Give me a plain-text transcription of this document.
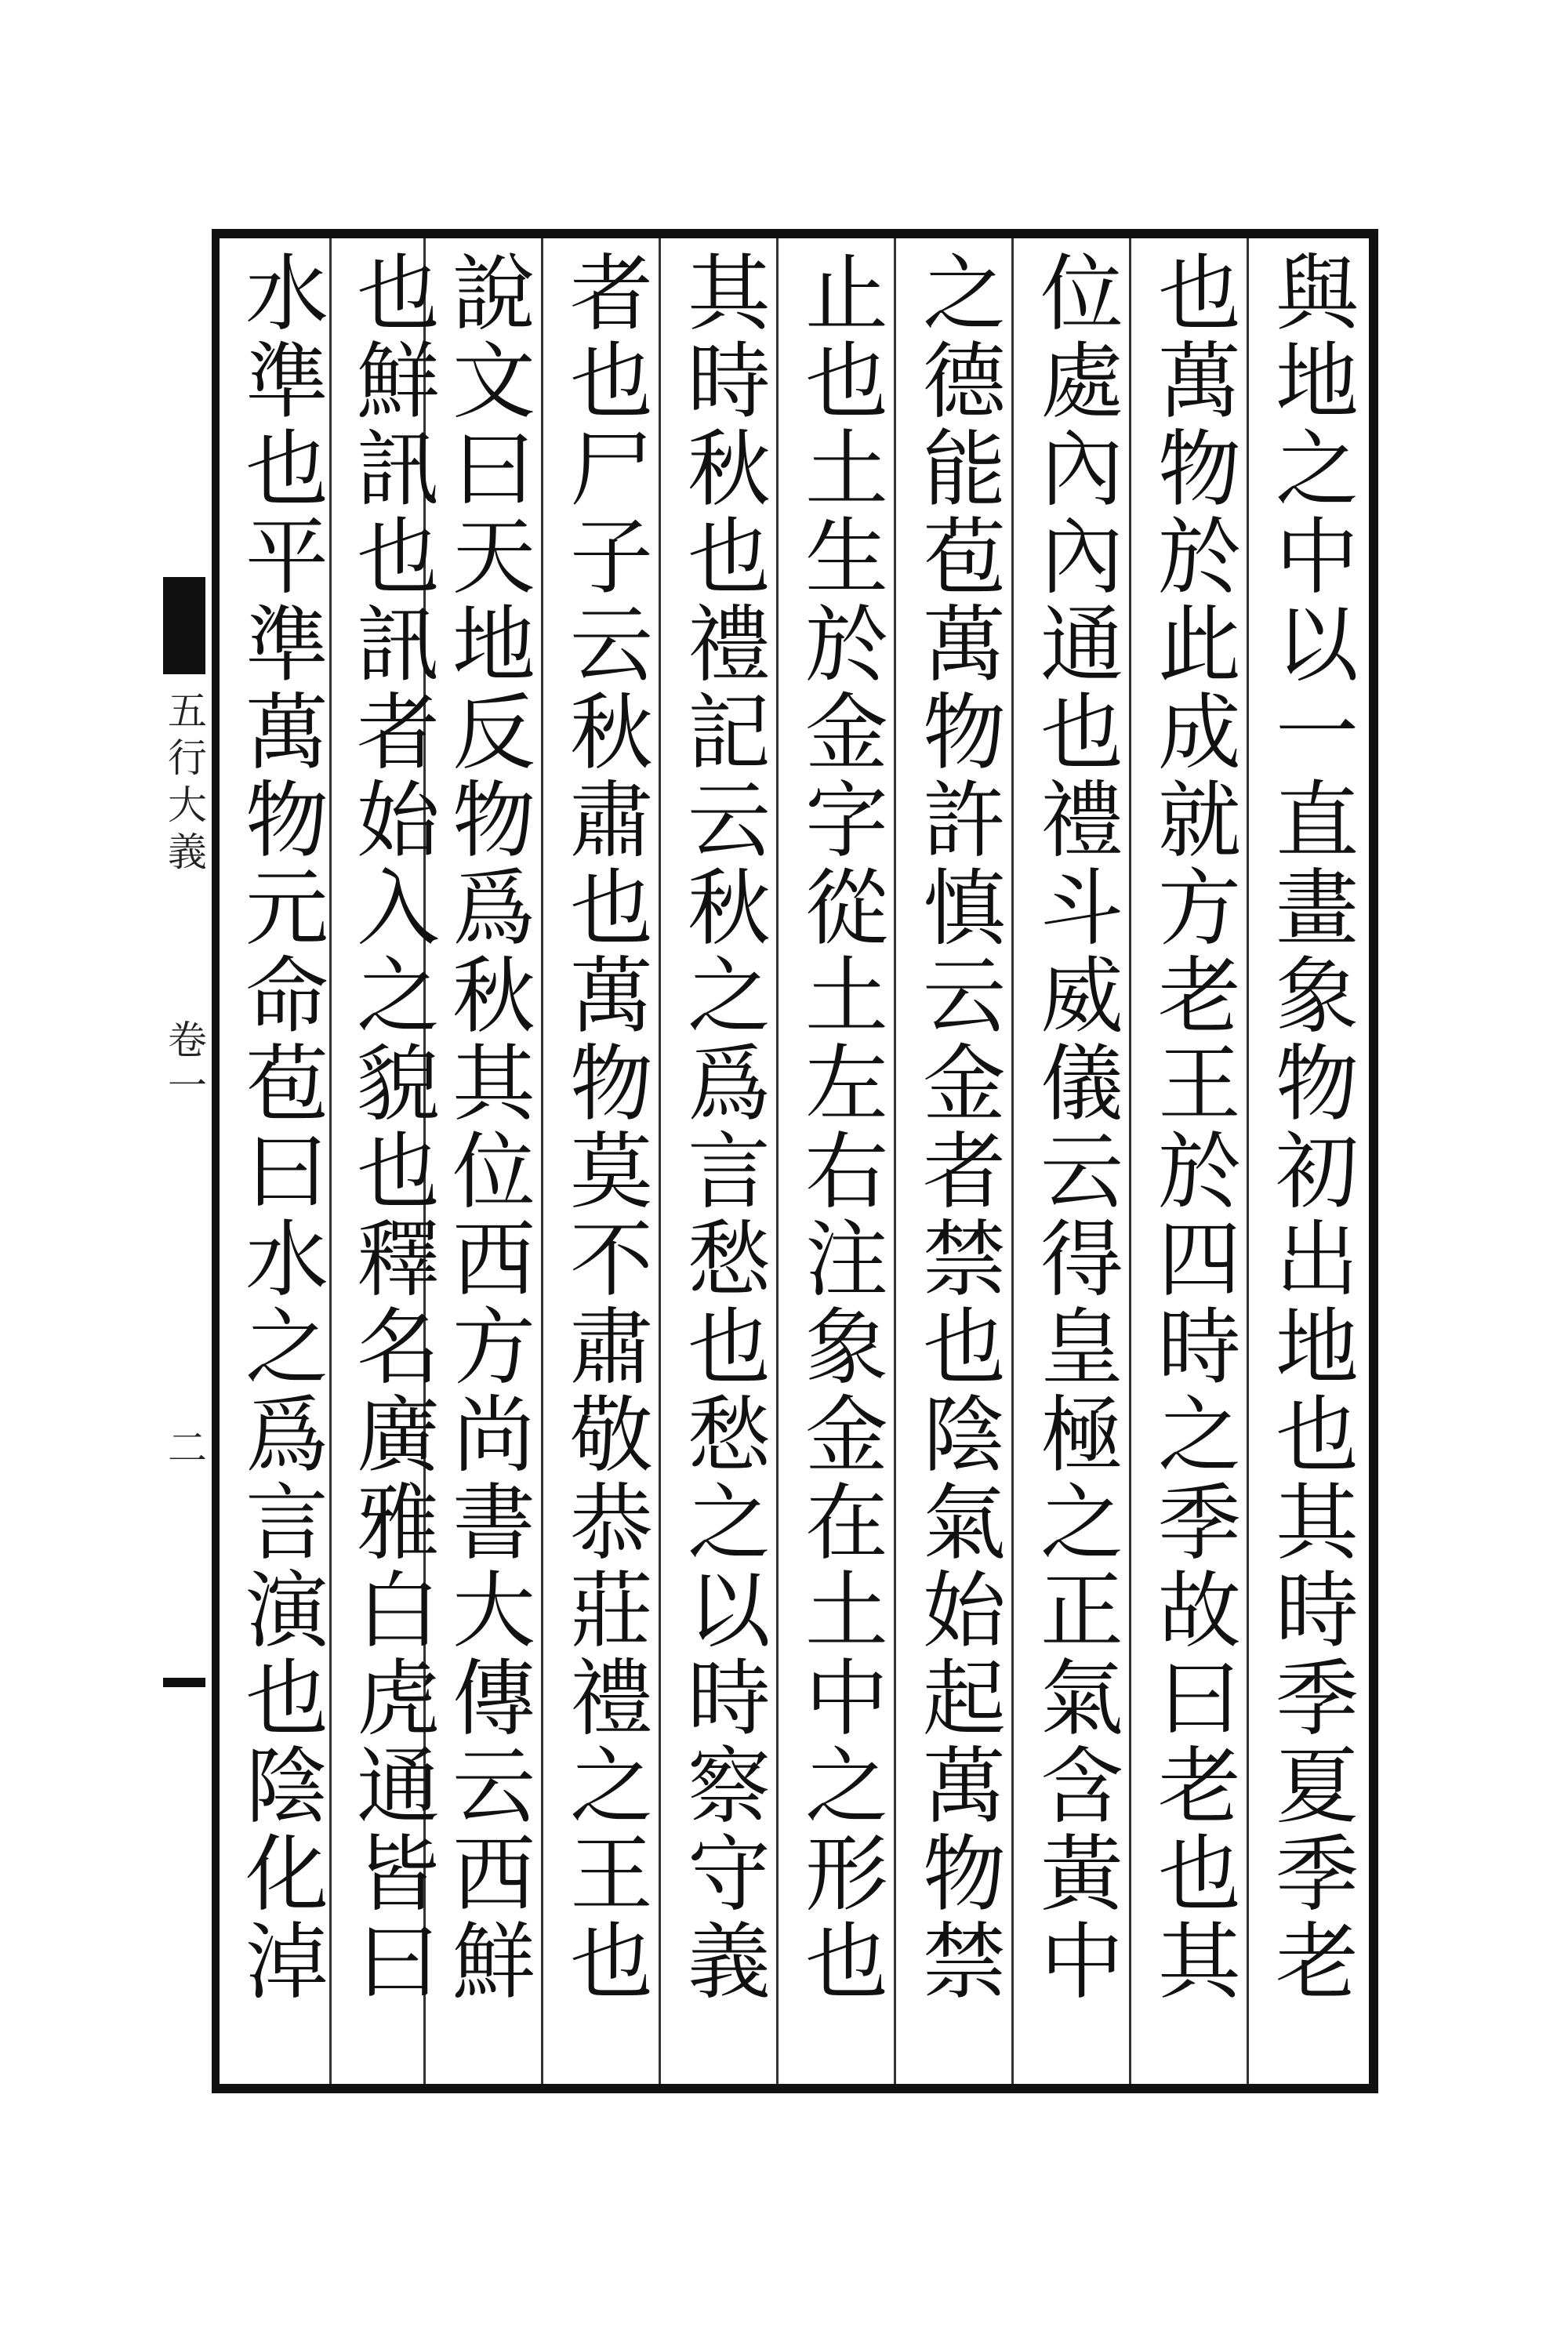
與地之中以一直畫象物初出地也其時季夏季老
也萬物於此成就方老王於四時之季故曰老也其
位處內內通也禮斗威儀云得皇極之正氣含黃中
之德能苞萬物許慎云金者禁也陰氣始起萬物禁
止也土生於金字從土左右注象金在土中之形也
其時秋也禮記云秋之爲言愁也愁之以時察守義
者也尸子云秋肅也萬物莫不肅敬恭莊禮之王也
說文曰天地反物爲秋其位西方尚書大傳云西鮮
也鮮訊也訊者始入之貌也釋名廣雅白虎通皆曰
水準也平準萬物元命苞曰水之爲言演也陰化淖
五行大義
卷一
二
